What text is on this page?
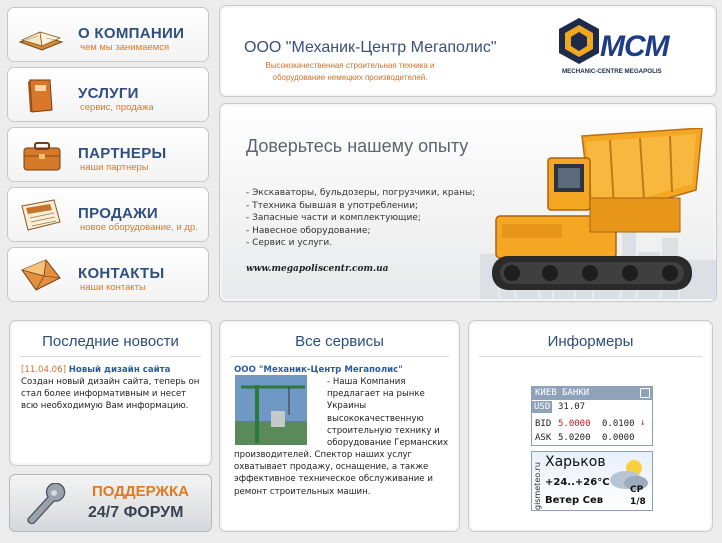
О КОМПАНИИ
чем мы занимаемся
УСЛУГИ
сервис, продажа
ПАРТНЕРЫ
наши партнеры
ПРОДАЖИ
новое оборудование, и др.
КОНТАКТЫ
наши контакты
ООО "Механик-Центр Мегаполис"
Высококачественная строительная техника и оборудование немецких производителей.
MCM
MECHANIC-CENTRE MEGAPOLIS
Доверьтесь нашему опыту
- Экскаваторы, бульдозеры, погрузчики, краны;
- Ттехника бывшая в употреблении;
- Запасные части и комплектующие;
- Навесное оборудование;
- Сервис и услуги.
www.megapoliscentr.com.ua
Последние новости
[11.04.06] Новый дизайн сайта
Создан новый дизайн сайта, теперь он стал более информативным и несет всю необходимую Вам информацию.
ПОДДЕРЖКА
24/7 ФОРУМ
Все сервисы
ООО "Механик-Центр Мегаполис"
- Наша Компания предлагает на рынке Украины высококачественную строительную технику и оборудование Германских
производителей. Спектор наших услуг охватывает продажу, оснащение, а также эффективное техническое обслуживание и ремонт строительных машин.
Информеры
КИЕВ БАНКИ
USD 31.07
BID 5.0000 0.0100 ↓
ASK 5.0200 0.0000
gismeteo.ru
Харьков
+24..+26°C
Ветер Сев
СР
1/8
